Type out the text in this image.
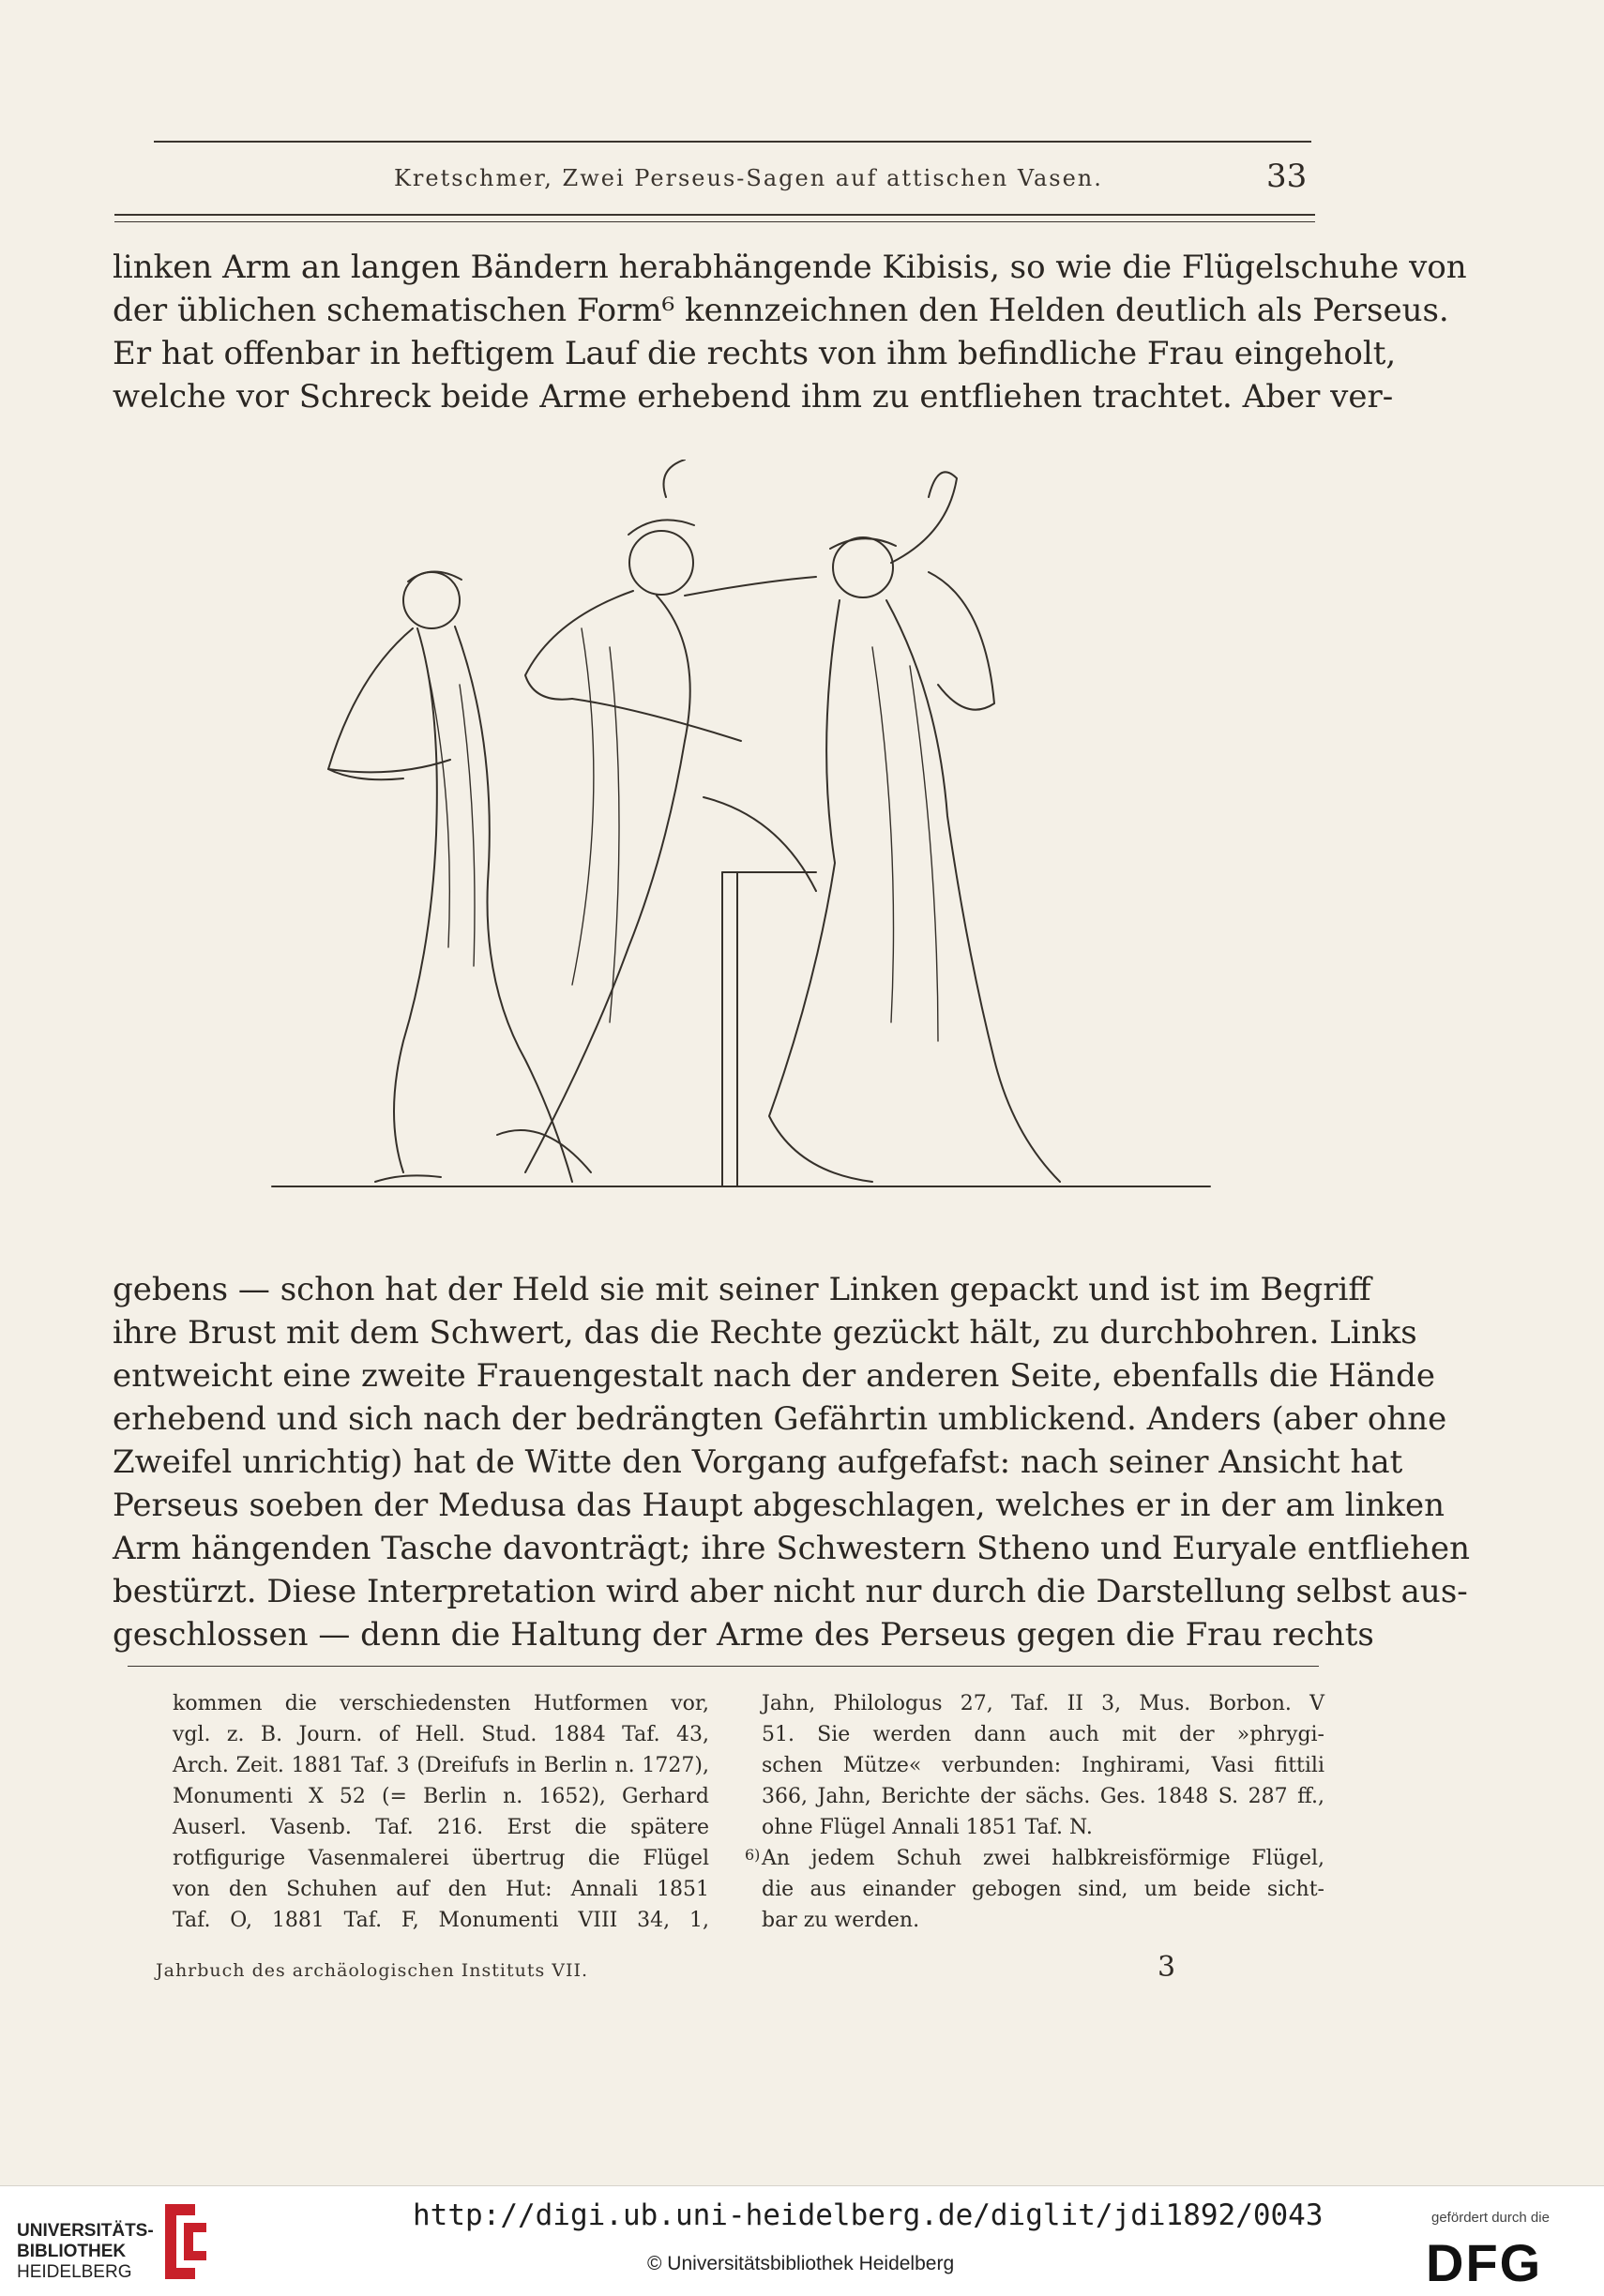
Kretschmer, Zwei Perseus-Sagen auf attischen Vasen.	33
linken Arm an langen Bändern herabhängende Kibisis, so wie die Flügelschuhe von
der üblichen schematischen Form⁶ kennzeichnen den Helden deutlich als Perseus.
Er hat offenbar in heftigem Lauf die rechts von ihm befindliche Frau eingeholt,
welche vor Schreck beide Arme erhebend ihm zu entfliehen trachtet. Aber ver-
gebens — schon hat der Held sie mit seiner Linken gepackt und ist im Begriff
ihre Brust mit dem Schwert, das die Rechte gezückt hält, zu durchbohren. Links
entweicht eine zweite Frauengestalt nach der anderen Seite, ebenfalls die Hände
erhebend und sich nach der bedrängten Gefährtin umblickend. Anders (aber ohne
Zweifel unrichtig) hat de Witte den Vorgang aufgefafst: nach seiner Ansicht hat
Perseus soeben der Medusa das Haupt abgeschlagen, welches er in der am linken
Arm hängenden Tasche davonträgt; ihre Schwestern Stheno und Euryale entfliehen
bestürzt. Diese Interpretation wird aber nicht nur durch die Darstellung selbst aus-
geschlossen — denn die Haltung der Arme des Perseus gegen die Frau rechts
kommen die verschiedensten Hutformen vor,
vgl. z. B. Journ. of Hell. Stud. 1884 Taf. 43,
Arch. Zeit. 1881 Taf. 3 (Dreifufs in Berlin n. 1727),
Monumenti X 52 (= Berlin n. 1652), Gerhard
Auserl. Vasenb. Taf. 216. Erst die spätere
rotfigurige Vasenmalerei übertrug die Flügel
von den Schuhen auf den Hut: Annali 1851
Taf. O, 1881 Taf. F, Monumenti VIII 34, 1,
Jahn, Philologus 27, Taf. II 3, Mus. Borbon. V
51. Sie werden dann auch mit der »phrygi-
schen Mütze« verbunden: Inghirami, Vasi fittili
366, Jahn, Berichte der sächs. Ges. 1848 S. 287 ff.,
ohne Flügel Annali 1851 Taf. N.
6) An jedem Schuh zwei halbkreisförmige Flügel,
die aus einander gebogen sind, um beide sicht-
bar zu werden.
Jahrbuch des archäologischen Instituts VII.	3
UNIVERSITÄTS-
BIBLIOTHEK
HEIDELBERG
http://digi.ub.uni-heidelberg.de/diglit/jdi1892/0043
© Universitätsbibliothek Heidelberg
gefördert durch die
DFG
